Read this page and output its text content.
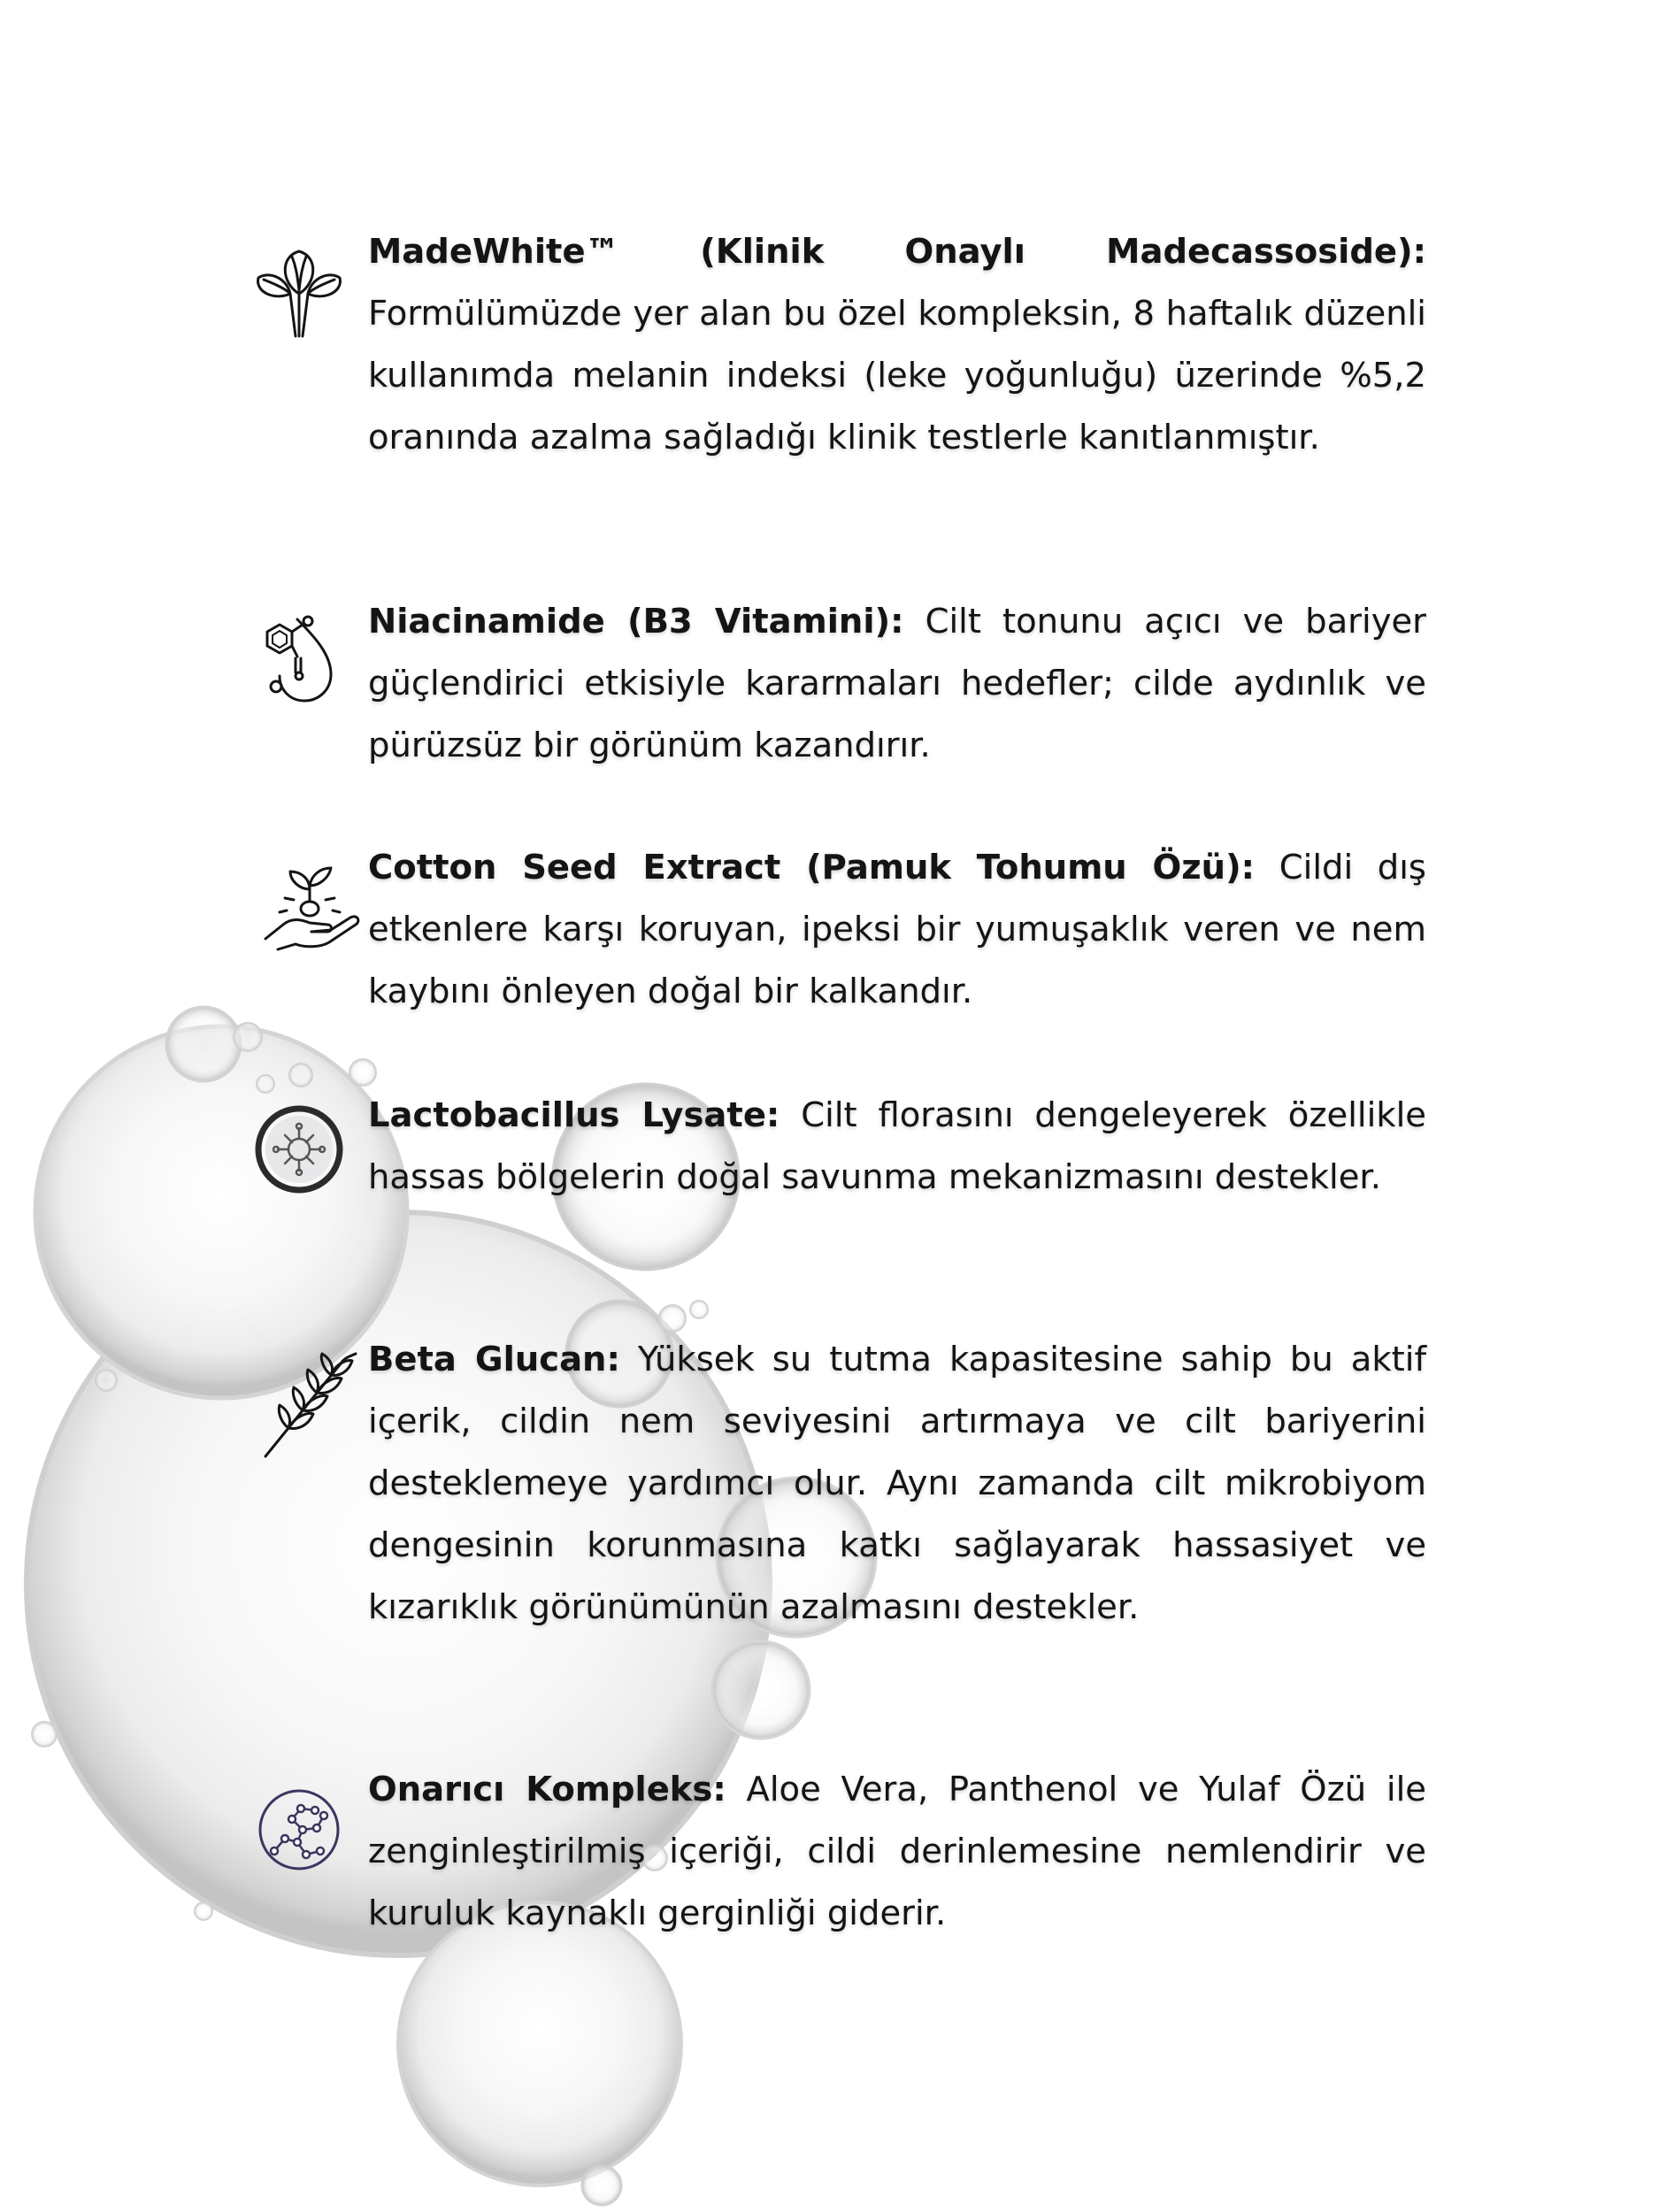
MadeWhite™ (Klinik Onaylı Madecassoside): Formülümüzde yer alan bu özel kompleksin, 8 haftalık düzenli kullanımda melanin indeksi (leke yoğunluğu) üzerinde %5,2 oranında azalma sağladığı klinik testlerle kanıtlanmıştır.

Niacinamide (B3 Vitamini): Cilt tonunu açıcı ve bariyer güçlendirici etkisiyle kararmaları hedefler; cilde aydınlık ve pürüzsüz bir görünüm kazandırır.

Cotton Seed Extract (Pamuk Tohumu Özü): Cildi dış etkenlere karşı koruyan, ipeksi bir yumuşaklık veren ve nem kaybını önleyen doğal bir kalkandır.

Lactobacillus Lysate: Cilt florasını dengeleyerek özellikle hassas bölgelerin doğal savunma mekanizmasını destekler.

Beta Glucan: Yüksek su tutma kapasitesine sahip bu aktif içerik, cildin nem seviyesini artırmaya ve cilt bariyerini desteklemeye yardımcı olur. Aynı zamanda cilt mikrobiyom dengesinin korunmasına katkı sağlayarak hassasiyet ve kızarıklık görünümünün azalmasını destekler.

Onarıcı Kompleks: Aloe Vera, Panthenol ve Yulaf Özü ile zenginleştirilmiş içeriği, cildi derinlemesine nemlendirir ve kuruluk kaynaklı gerginliği giderir.
